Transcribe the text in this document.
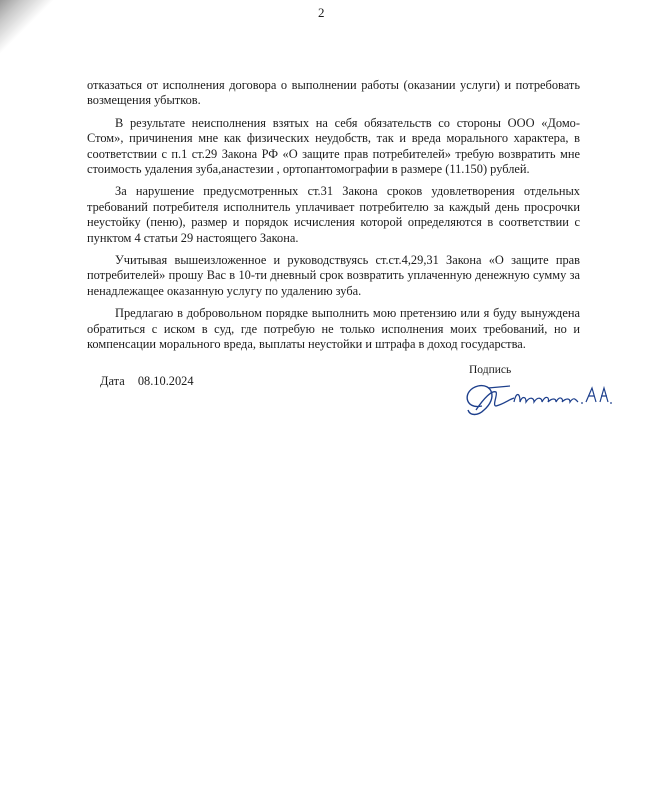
2

отказаться от исполнения договора о выполнении работы (оказании услуги) и потребовать возмещения убытков.

В результате неисполнения взятых на себя обязательств со стороны ООО «Домо-Стом», причинения мне как физических неудобств, так и вреда морального характера, в соответствии с п.1 ст.29 Закона РФ «О защите прав потребителей» требую возвратить мне стоимость удаления зуба,анастезии , ортопантомографии в размере (11.150) рублей.

За нарушение предусмотренных ст.31 Закона сроков удовлетворения отдельных требований потребителя исполнитель уплачивает потребителю за каждый день просрочки неустойку (пеню), размер и порядок исчисления которой определяются в соответствии с пунктом 4 статьи 29 настоящего Закона.

Учитывая вышеизложенное и руководствуясь ст.ст.4,29,31 Закона «О защите прав потребителей» прошу Вас в 10-ти дневный срок возвратить уплаченную денежную сумму за ненадлежащее оказанную услугу по удалению зуба.

Предлагаю в добровольном порядке выполнить мою претензию или я буду вынуждена обратиться с иском в суд, где потребую не только исполнения моих требований, но и компенсации морального вреда, выплаты неустойки и штрафа в доход государства.

Дата 08.10.2024
Подпись
